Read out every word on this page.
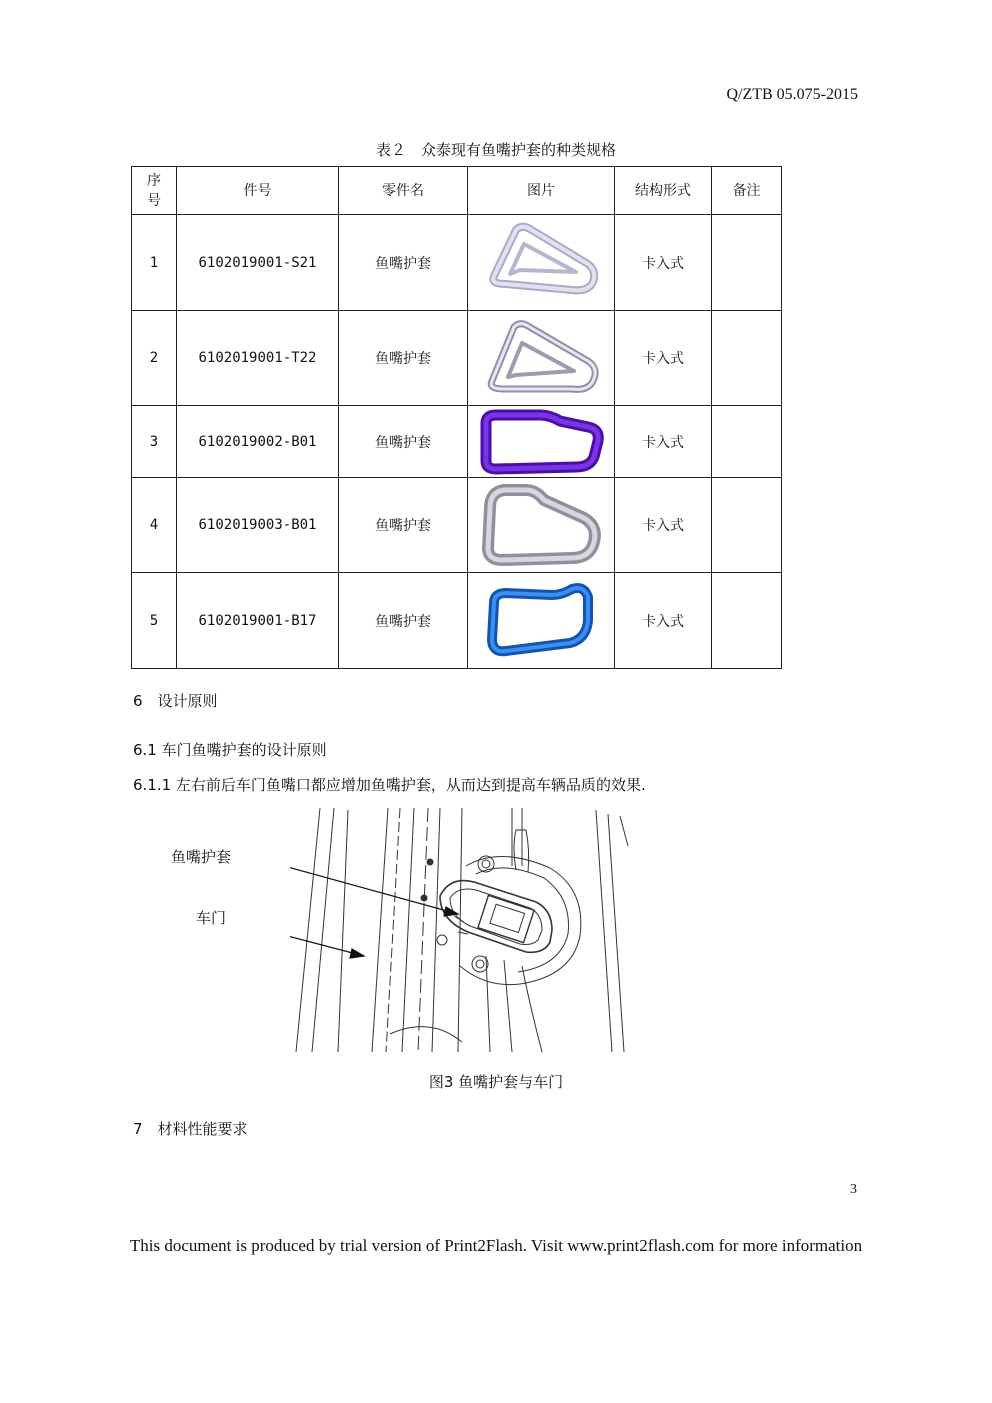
Q/ZTB 05.075-2015
表２　众泰现有鱼嘴护套的种类规格
序
号	件号	零件名	图片	结构形式	备注
1	6102019001-S21	鱼嘴护套		卡入式	
2	6102019001-T22	鱼嘴护套		卡入式	
3	6102019002-B01	鱼嘴护套		卡入式	
4	6102019003-B01	鱼嘴护套		卡入式	
5	6102019001-B17	鱼嘴护套		卡入式	
6　设计原则
6.1 车门鱼嘴护套的设计原则
6.1.1 左右前后车门鱼嘴口都应增加鱼嘴护套，从而达到提高车辆品质的效果.
鱼嘴护套
车门
图3 鱼嘴护套与车门
7　材料性能要求
3
This document is produced by trial version of Print2Flash. Visit www.print2flash.com for more information
